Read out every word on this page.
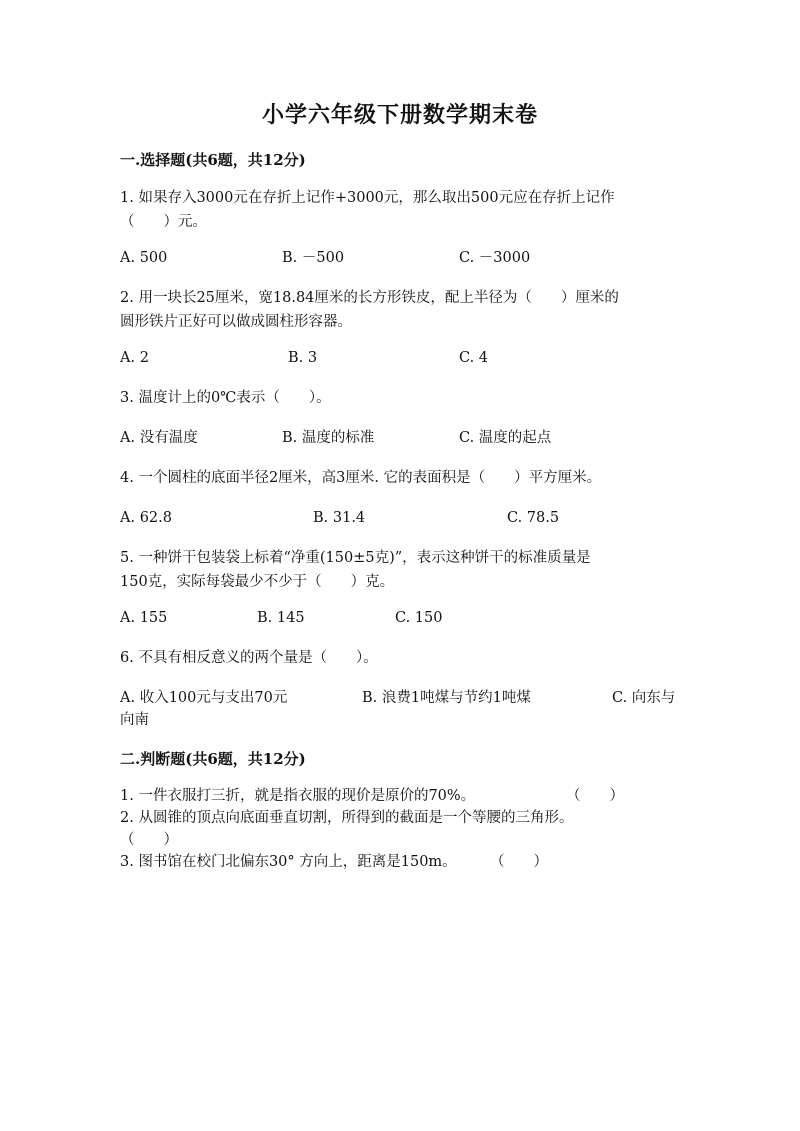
小学六年级下册数学期末卷
一.选择题(共6题，共12分)
1. 如果存入3000元在存折上记作+3000元，那么取出500元应在存折上记作
（　　）元。
A. 500	B. －500	C. －3000
2. 用一块长25厘米，宽18.84厘米的长方形铁皮，配上半径为（　　）厘米的
圆形铁片正好可以做成圆柱形容器。
A. 2	B. 3	C. 4
3. 温度计上的0℃表示（　　）。
A. 没有温度	B. 温度的标准	C. 温度的起点
4. 一个圆柱的底面半径2厘米，高3厘米. 它的表面积是（　　）平方厘米。
A. 62.8	B. 31.4	C. 78.5
5. 一种饼干包装袋上标着“净重(150±5克)”，表示这种饼干的标准质量是
150克，实际每袋最少不少于（　　）克。
A. 155	B. 145	C. 150
6. 不具有相反意义的两个量是（　　）。
A. 收入100元与支出70元	B. 浪费1吨煤与节约1吨煤	C. 向东与
向南
二.判断题(共6题，共12分)
1. 一件衣服打三折，就是指衣服的现价是原价的70%。	（　　）
2. 从圆锥的顶点向底面垂直切割，所得到的截面是一个等腰的三角形。
（　　）
3. 图书馆在校门北偏东30° 方向上，距离是150m。 （　　）
